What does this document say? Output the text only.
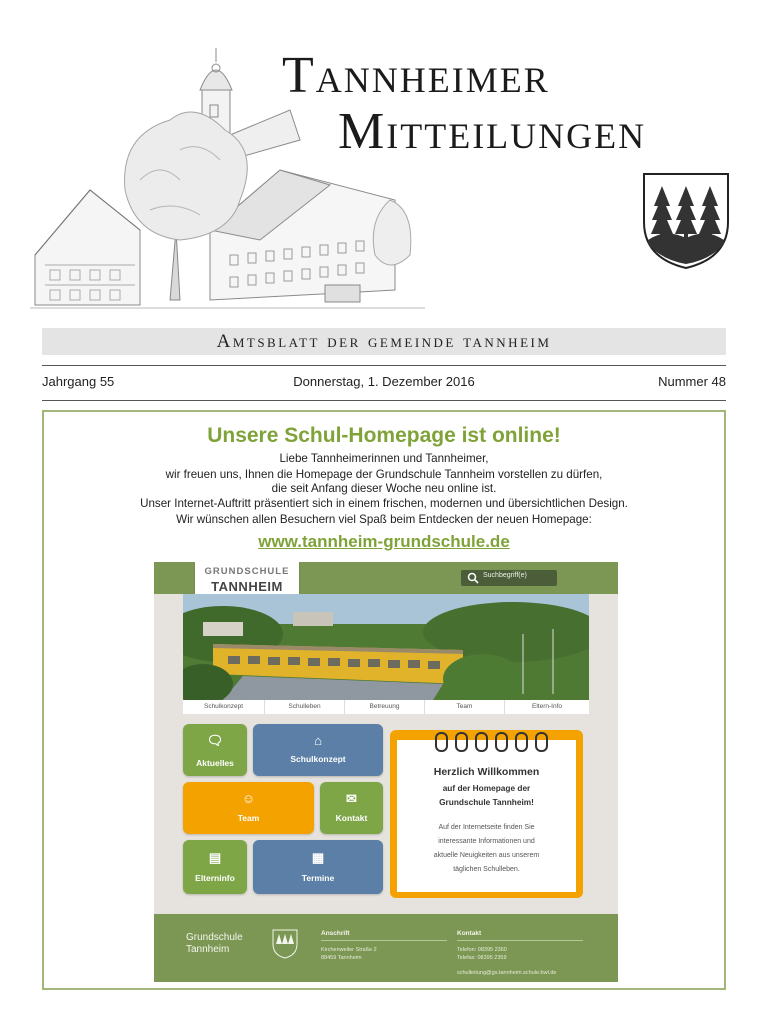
Tannheimer
Mitteilungen
Amtsblatt der gemeinde tannheim
Jahrgang 55	Donnerstag, 1. Dezember 2016	Nummer 48
Unsere Schul-Homepage ist online!
Liebe Tannheimerinnen und Tannheimer,
wir freuen uns, Ihnen die Homepage der Grundschule Tannheim vorstellen zu dürfen,
die seit Anfang dieser Woche neu online ist.
Unser Internet-Auftritt präsentiert sich in einem frischen, modernen und übersichtlichen Design.
Wir wünschen allen Besuchern viel Spaß beim Entdecken der neuen Homepage:
www.tannheim-grundschule.de
GRUNDSCHULE
TANNHEIM
Suchbegriff(e)
Schulkonzept	Schulleben	Betreuung	Team	Eltern-Info
🗨
Aktuelles
⌂
Schulkonzept
☺
Team
✉
Kontakt
▤
Elterninfo
▦
Termine
Herzlich Willkommen
auf der Homepage der
Grundschule Tannheim!
Auf der Internetseite finden Sie
interessante Informationen und
aktuelle Neuigkeiten aus unserem
täglichen Schulleben.
Grundschule
Tannheim
Anschrift
Kirchenweiler Straße 2
88459 Tannheim
Kontakt
Telefon: 08395 2360
Telefax: 08395 2359
schulleitung@gs.tannheim.schule.bwl.de
